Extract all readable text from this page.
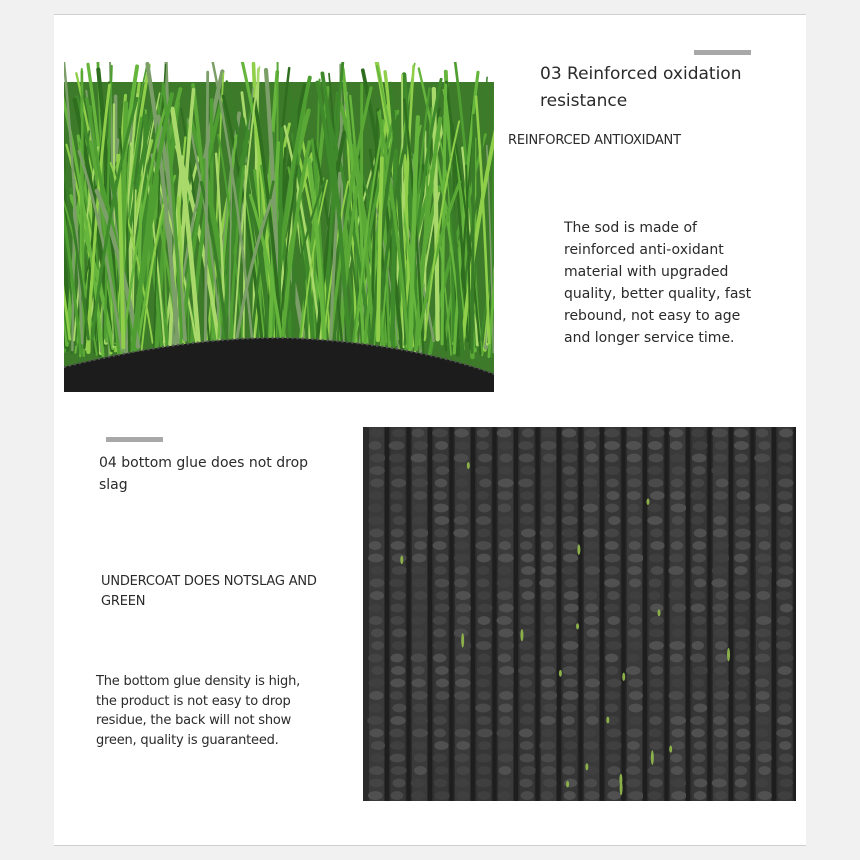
03 Reinforced oxidation resistance
REINFORCED ANTIOXIDANT
The sod is made of reinforced anti-oxidant material with upgraded quality, better quality, fast rebound, not easy to age and longer service time.
04 bottom glue does not drop slag
UNDERCOAT DOES NOTSLAG AND GREEN
The bottom glue density is high, the product is not easy to drop residue, the back will not show green, quality is guaranteed.
